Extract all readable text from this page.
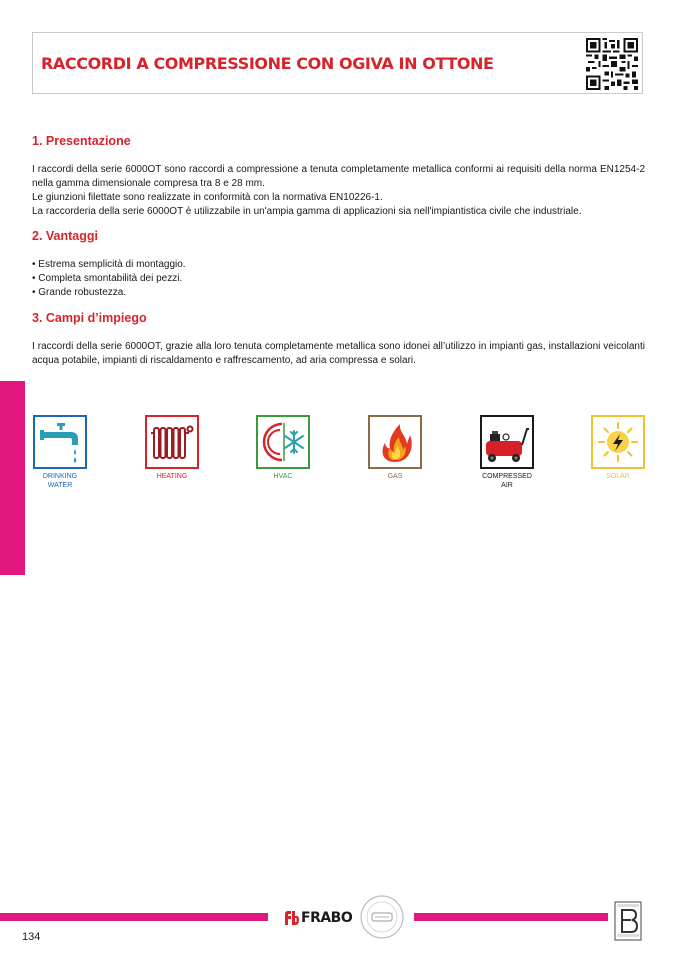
RACCORDI A COMPRESSIONE CON OGIVA IN OTTONE
1. Presentazione

I raccordi della serie 6000OT sono raccordi a compressione a tenuta completamente metallica conformi ai requisiti della norma EN1254-2 nella gamma dimensionale compresa tra 8 e 28 mm.

Le giunzioni filettate sono realizzate in conformità con la normativa EN10226-1.

La raccorderia della serie 6000OT è utilizzabile in un'ampia gamma di applicazioni sia nell'impiantistica civile che industriale.

2. Vantaggi

• Estrema semplicità di montaggio.

• Completa smontabilità dei pezzi.

• Grande robustezza.

3. Campi d’impiego

I raccordi della serie 6000OT, grazie alla loro tenuta completamente metallica sono idonei all’utilizzo in impianti gas, installazioni veicolanti acqua potabile, impianti di riscaldamento e raffrescamento, ad aria compressa e solari.

DRINKING
WATER
HEATING	HVAC	GAS	COMPRESSED
AIR
SOLAR
134
FRABO
